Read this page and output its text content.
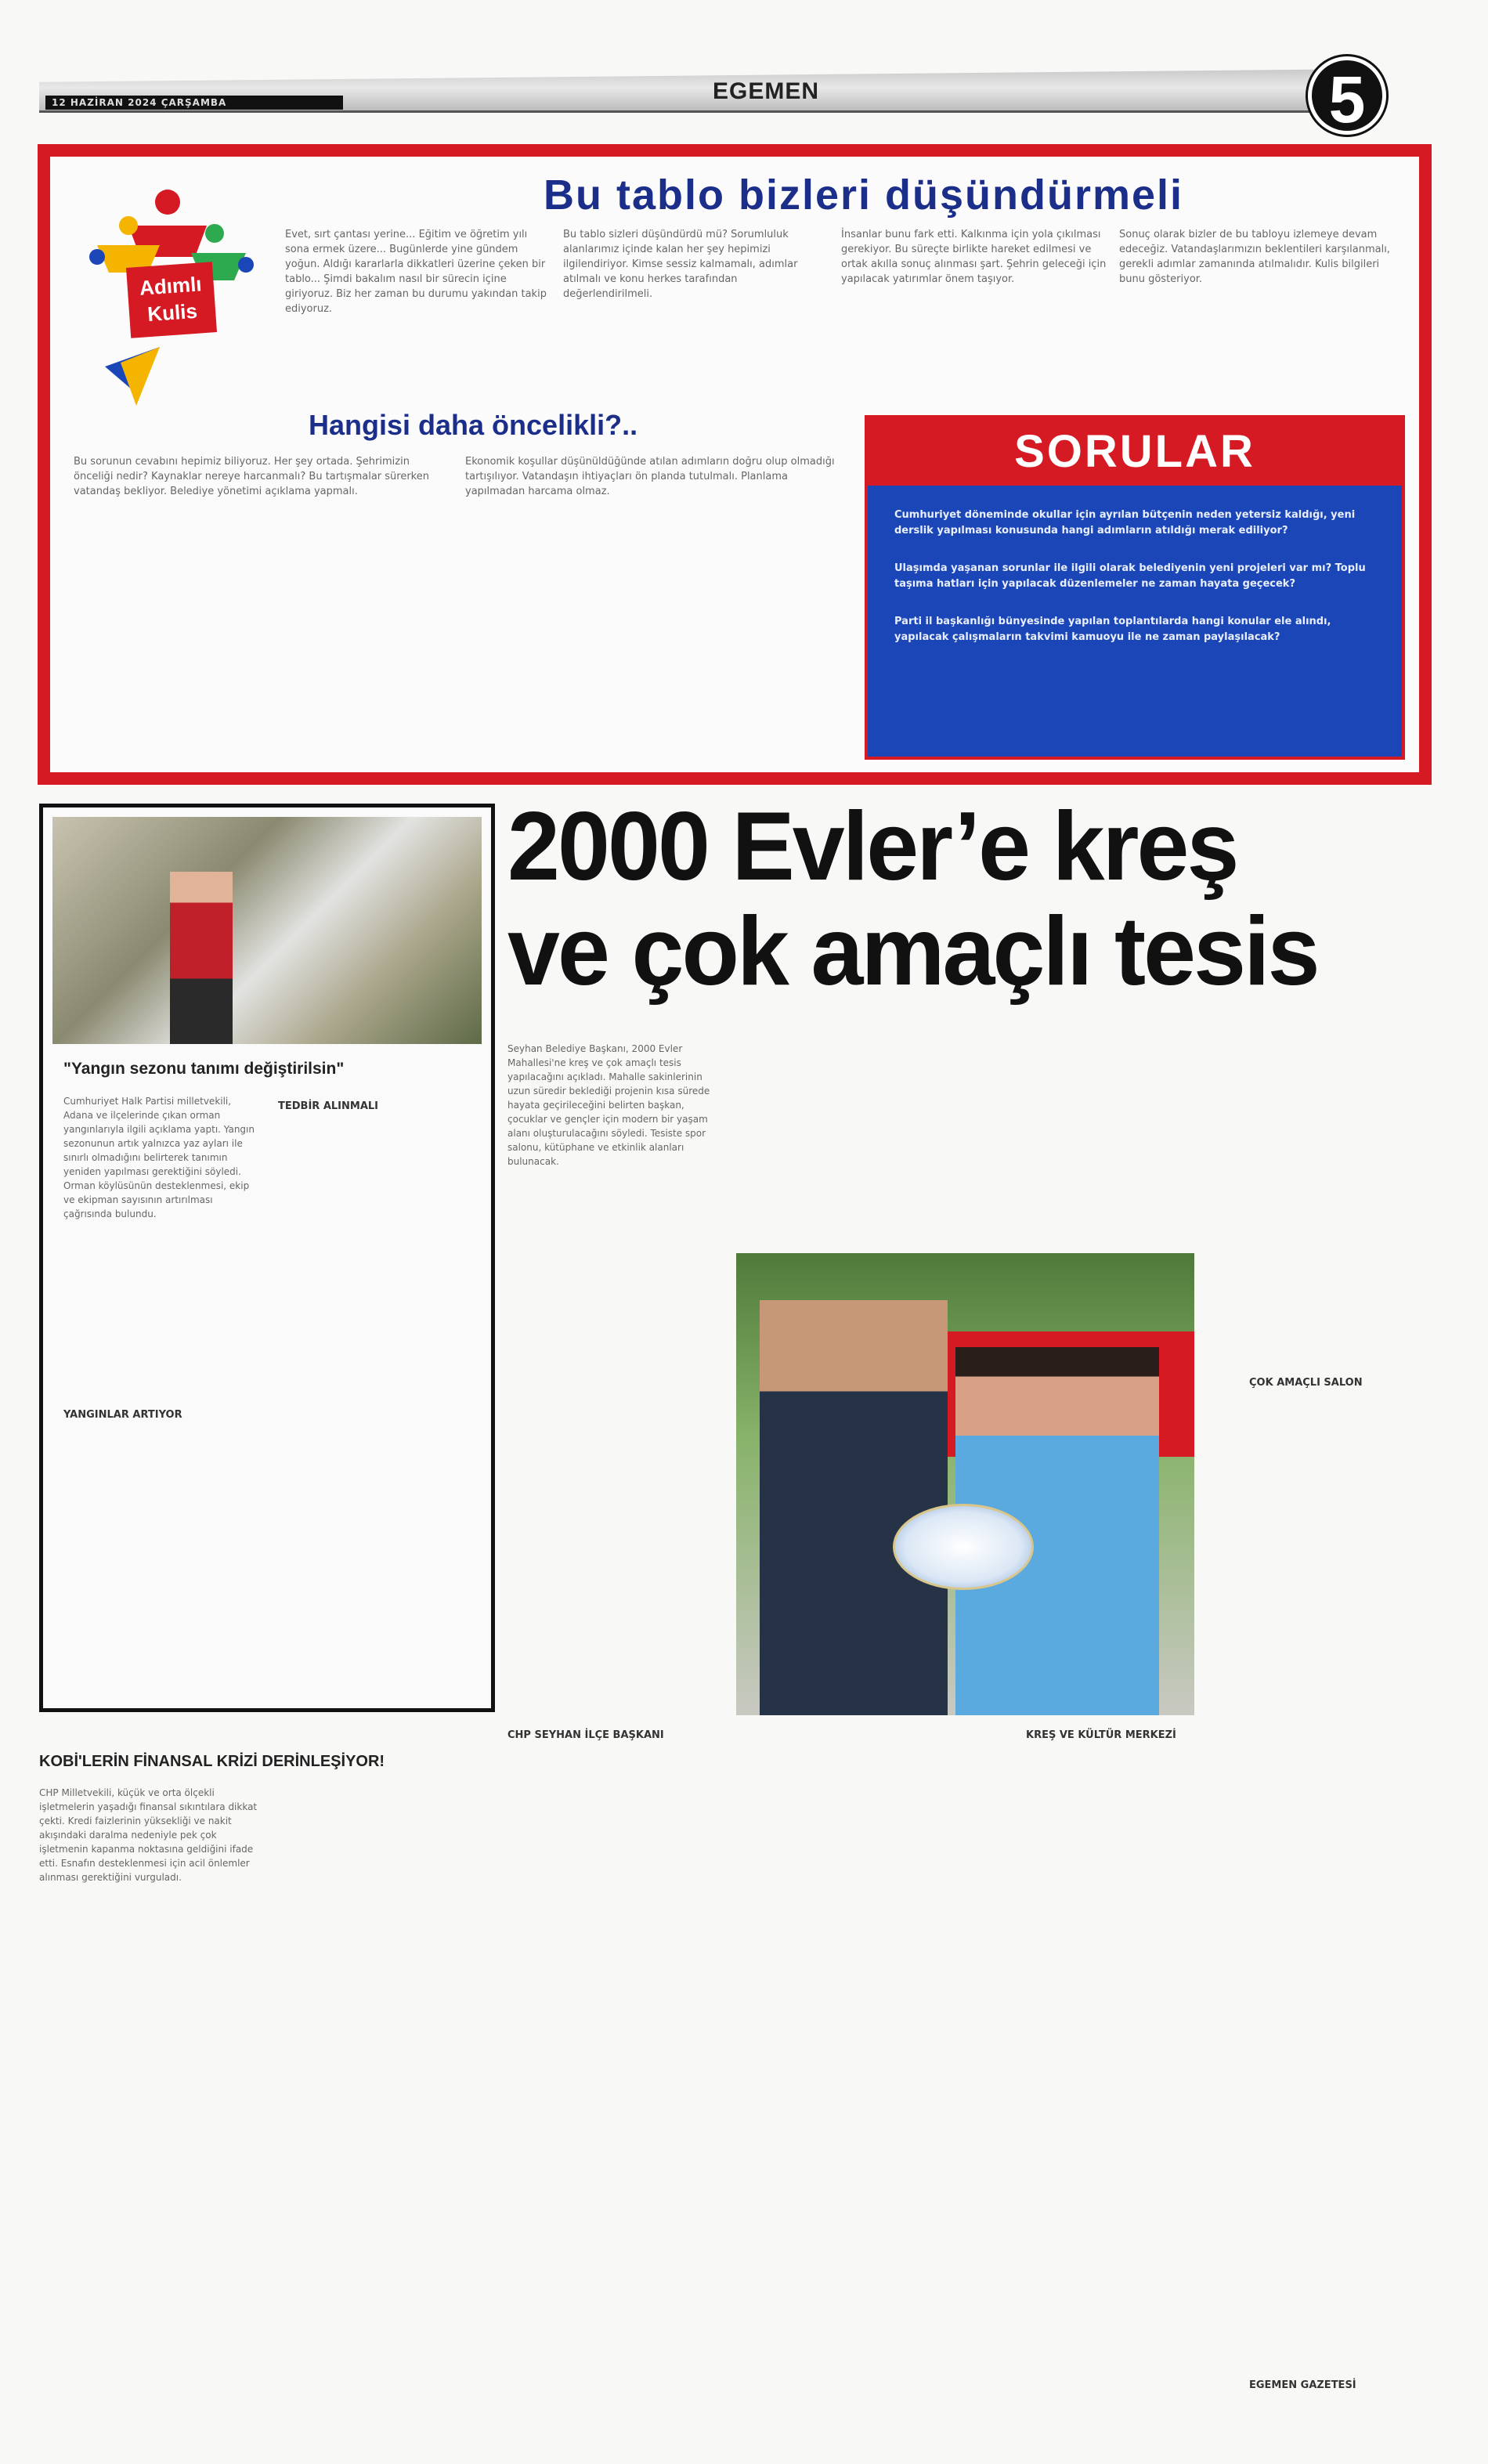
12 HAZİRAN 2024 ÇARŞAMBA	EGEMEN	5
Adımlı Kulis
Bu tablo bizleri düşündürmeli
Evet, sırt çantası yerine... Eğitim ve öğretim yılı sona ermek üzere... Bugünlerde yine gündem yoğun. Aldığı kararlarla dikkatleri üzerine çeken bir tablo... Şimdi bakalım nasıl bir sürecin içine giriyoruz. Biz her zaman bu durumu yakından takip ediyoruz.
Bu tablo sizleri düşündürdü mü? Sorumluluk alanlarımız içinde kalan her şey hepimizi ilgilendiriyor. Kimse sessiz kalmamalı, adımlar atılmalı ve konu herkes tarafından değerlendirilmeli.
İnsanlar bunu fark etti. Kalkınma için yola çıkılması gerekiyor. Bu süreçte birlikte hareket edilmesi ve ortak akılla sonuç alınması şart. Şehrin geleceği için yapılacak yatırımlar önem taşıyor.
Sonuç olarak bizler de bu tabloyu izlemeye devam edeceğiz. Vatandaşlarımızın beklentileri karşılanmalı, gerekli adımlar zamanında atılmalıdır. Kulis bilgileri bunu gösteriyor.
Hangisi daha öncelikli?..
Bu sorunun cevabını hepimiz biliyoruz. Her şey ortada. Şehrimizin önceliği nedir? Kaynaklar nereye harcanmalı? Bu tartışmalar sürerken vatandaş bekliyor. Belediye yönetimi açıklama yapmalı.
Ekonomik koşullar düşünüldüğünde atılan adımların doğru olup olmadığı tartışılıyor. Vatandaşın ihtiyaçları ön planda tutulmalı. Planlama yapılmadan harcama olmaz.
SORULAR

Cumhuriyet döneminde okullar için ayrılan bütçenin neden yetersiz kaldığı, yeni derslik yapılması konusunda hangi adımların atıldığı merak ediliyor?

Ulaşımda yaşanan sorunlar ile ilgili olarak belediyenin yeni projeleri var mı? Toplu taşıma hatları için yapılacak düzenlemeler ne zaman hayata geçecek?

Parti il başkanlığı bünyesinde yapılan toplantılarda hangi konular ele alındı, yapılacak çalışmaların takvimi kamuoyu ile ne zaman paylaşılacak?

"Yangın sezonu tanımı değiştirilsin"
Cumhuriyet Halk Partisi milletvekili, Adana ve ilçelerinde çıkan orman yangınlarıyla ilgili açıklama yaptı. Yangın sezonunun artık yalnızca yaz ayları ile sınırlı olmadığını belirterek tanımın yeniden yapılması gerektiğini söyledi. Orman köylüsünün desteklenmesi, ekip ve ekipman sayısının artırılması çağrısında bulundu.
YANGINLAR ARTIYOR
TEDBİR ALINMALI
2000 Evler’e kreş
ve çok amaçlı tesis
Seyhan Belediye Başkanı, 2000 Evler Mahallesi'ne kreş ve çok amaçlı tesis yapılacağını açıkladı. Mahalle sakinlerinin uzun süredir beklediği projenin kısa sürede hayata geçirileceğini belirten başkan, çocuklar ve gençler için modern bir yaşam alanı oluşturulacağını söyledi. Tesiste spor salonu, kütüphane ve etkinlik alanları bulunacak.
CHP SEYHAN İLÇE BAŞKANI	KREŞ VE KÜLTÜR MERKEZİ
ÇOK AMAÇLI SALON
EGEMEN GAZETESİ
KOBİ'LERİN FİNANSAL KRİZİ DERİNLEŞİYOR!
CHP Milletvekili, küçük ve orta ölçekli işletmelerin yaşadığı finansal sıkıntılara dikkat çekti. Kredi faizlerinin yüksekliği ve nakit akışındaki daralma nedeniyle pek çok işletmenin kapanma noktasına geldiğini ifade etti. Esnafın desteklenmesi için acil önlemler alınması gerektiğini vurguladı.
